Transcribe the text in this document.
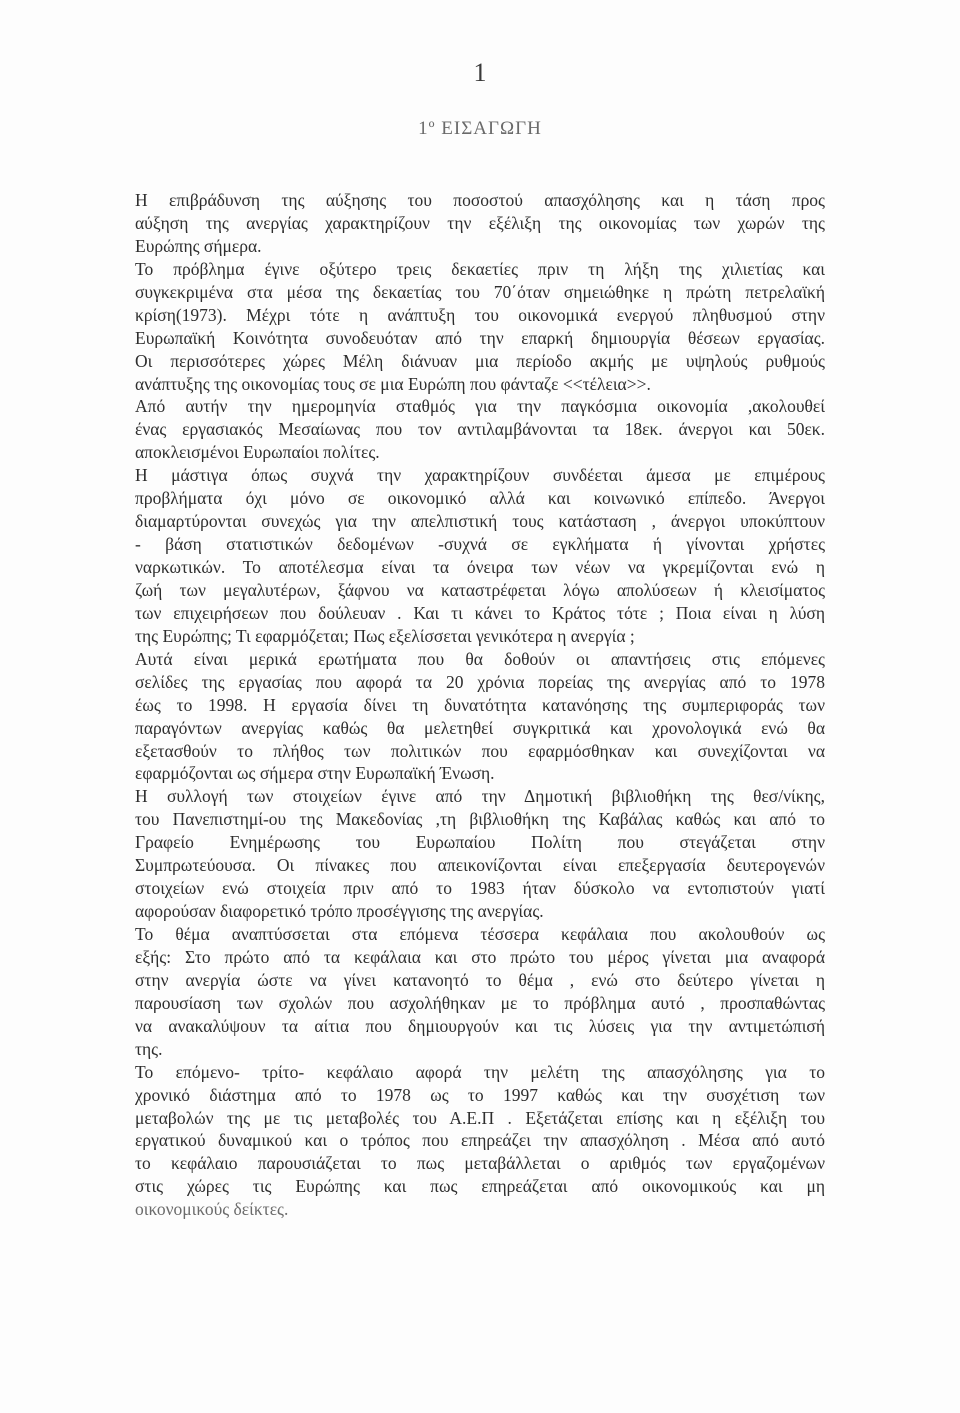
1
1º ΕΙΣΑΓΩΓΗ
Η επιβράδυνση της αύξησης του ποσοστού απασχόλησης και η τάση προς
αύξηση της ανεργίας χαρακτηρίζουν την εξέλιξη της οικονομίας των χωρών της
Ευρώπης σήμερα.
Το πρόβλημα έγινε οξύτερο τρεις δεκαετίες πριν τη λήξη της χιλιετίας και
συγκεκριμένα στα μέσα της δεκαετίας του 70΄όταν σημειώθηκε η πρώτη πετρελαϊκή
κρίση(1973). Μέχρι τότε η ανάπτυξη του οικονομικά ενεργού πληθυσμού στην
Ευρωπαϊκή Κοινότητα συνοδευόταν από την επαρκή δημιουργία θέσεων εργασίας.
Οι περισσότερες χώρες Μέλη διάνυαν μια περίοδο ακμής με υψηλούς ρυθμούς
ανάπτυξης της οικονομίας τους σε μια Ευρώπη που φάνταζε <<τέλεια>>.
Από αυτήν την ημερομηνία σταθμός για την παγκόσμια οικονομία ,ακολουθεί
ένας εργασιακός Μεσαίωνας που τον αντιλαμβάνονται τα 18εκ. άνεργοι και 50εκ.
αποκλεισμένοι Ευρωπαίοι πολίτες.
Η μάστιγα όπως συχνά την χαρακτηρίζουν συνδέεται άμεσα με επιμέρους
προβλήματα όχι μόνο σε οικονομικό αλλά και κοινωνικό επίπεδο. Άνεργοι
διαμαρτύρονται συνεχώς για την απελπιστική τους κατάσταση , άνεργοι υποκύπτουν
- βάση στατιστικών δεδομένων -συχνά σε εγκλήματα ή γίνονται χρήστες
ναρκωτικών. Το αποτέλεσμα είναι τα όνειρα των νέων να γκρεμίζονται ενώ η
ζωή των μεγαλυτέρων, ξάφνου να καταστρέφεται λόγω απολύσεων ή κλεισίματος
των επιχειρήσεων που δούλευαν . Και τι κάνει το Κράτος τότε ; Ποια είναι η λύση
της Ευρώπης; Τι εφαρμόζεται; Πως εξελίσσεται γενικότερα η ανεργία ;
Αυτά είναι μερικά ερωτήματα που θα δοθούν οι απαντήσεις στις επόμενες
σελίδες της εργασίας που αφορά τα 20 χρόνια πορείας της ανεργίας από το 1978
έως το 1998. Η εργασία δίνει τη δυνατότητα κατανόησης της συμπεριφοράς των
παραγόντων ανεργίας καθώς θα μελετηθεί συγκριτικά και χρονολογικά ενώ θα
εξετασθούν το πλήθος των πολιτικών που εφαρμόσθηκαν και συνεχίζονται να
εφαρμόζονται ως σήμερα στην Ευρωπαϊκή Ένωση.
Η συλλογή των στοιχείων έγινε από την Δημοτική βιβλιοθήκη της θεσ/νίκης,
του Πανεπιστημί-ου της Μακεδονίας ,τη βιβλιοθήκη της Καβάλας καθώς και από το
Γραφείο Ενημέρωσης του Ευρωπαίου Πολίτη που στεγάζεται στην
Συμπρωτεύουσα. Οι πίνακες που απεικονίζονται είναι επεξεργασία δευτερογενών
στοιχείων ενώ στοιχεία πριν από το 1983 ήταν δύσκολο να εντοπιστούν γιατί
αφορούσαν διαφορετικό τρόπο προσέγγισης της ανεργίας.
Το θέμα αναπτύσσεται στα επόμενα τέσσερα κεφάλαια που ακολουθούν ως
εξής: Στο πρώτο από τα κεφάλαια και στο πρώτο του μέρος γίνεται μια αναφορά
στην ανεργία ώστε να γίνει κατανοητό το θέμα , ενώ στο δεύτερο γίνεται η
παρουσίαση των σχολών που ασχολήθηκαν με το πρόβλημα αυτό , προσπαθώντας
να ανακαλύψουν τα αίτια που δημιουργούν και τις λύσεις για την αντιμετώπισή
της.
Το επόμενο- τρίτο- κεφάλαιο αφορά την μελέτη της απασχόλησης για το
χρονικό διάστημα από το 1978 ως το 1997 καθώς και την συσχέτιση των
μεταβολών της με τις μεταβολές του Α.Ε.Π . Εξετάζεται επίσης και η εξέλιξη του
εργατικού δυναμικού και ο τρόπος που επηρεάζει την απασχόληση . Μέσα από αυτό
το κεφάλαιο παρουσιάζεται το πως μεταβάλλεται ο αριθμός των εργαζομένων
στις χώρες τις Ευρώπης και πως επηρεάζεται από οικονομικούς και μη
οικονομικούς δείκτες.
